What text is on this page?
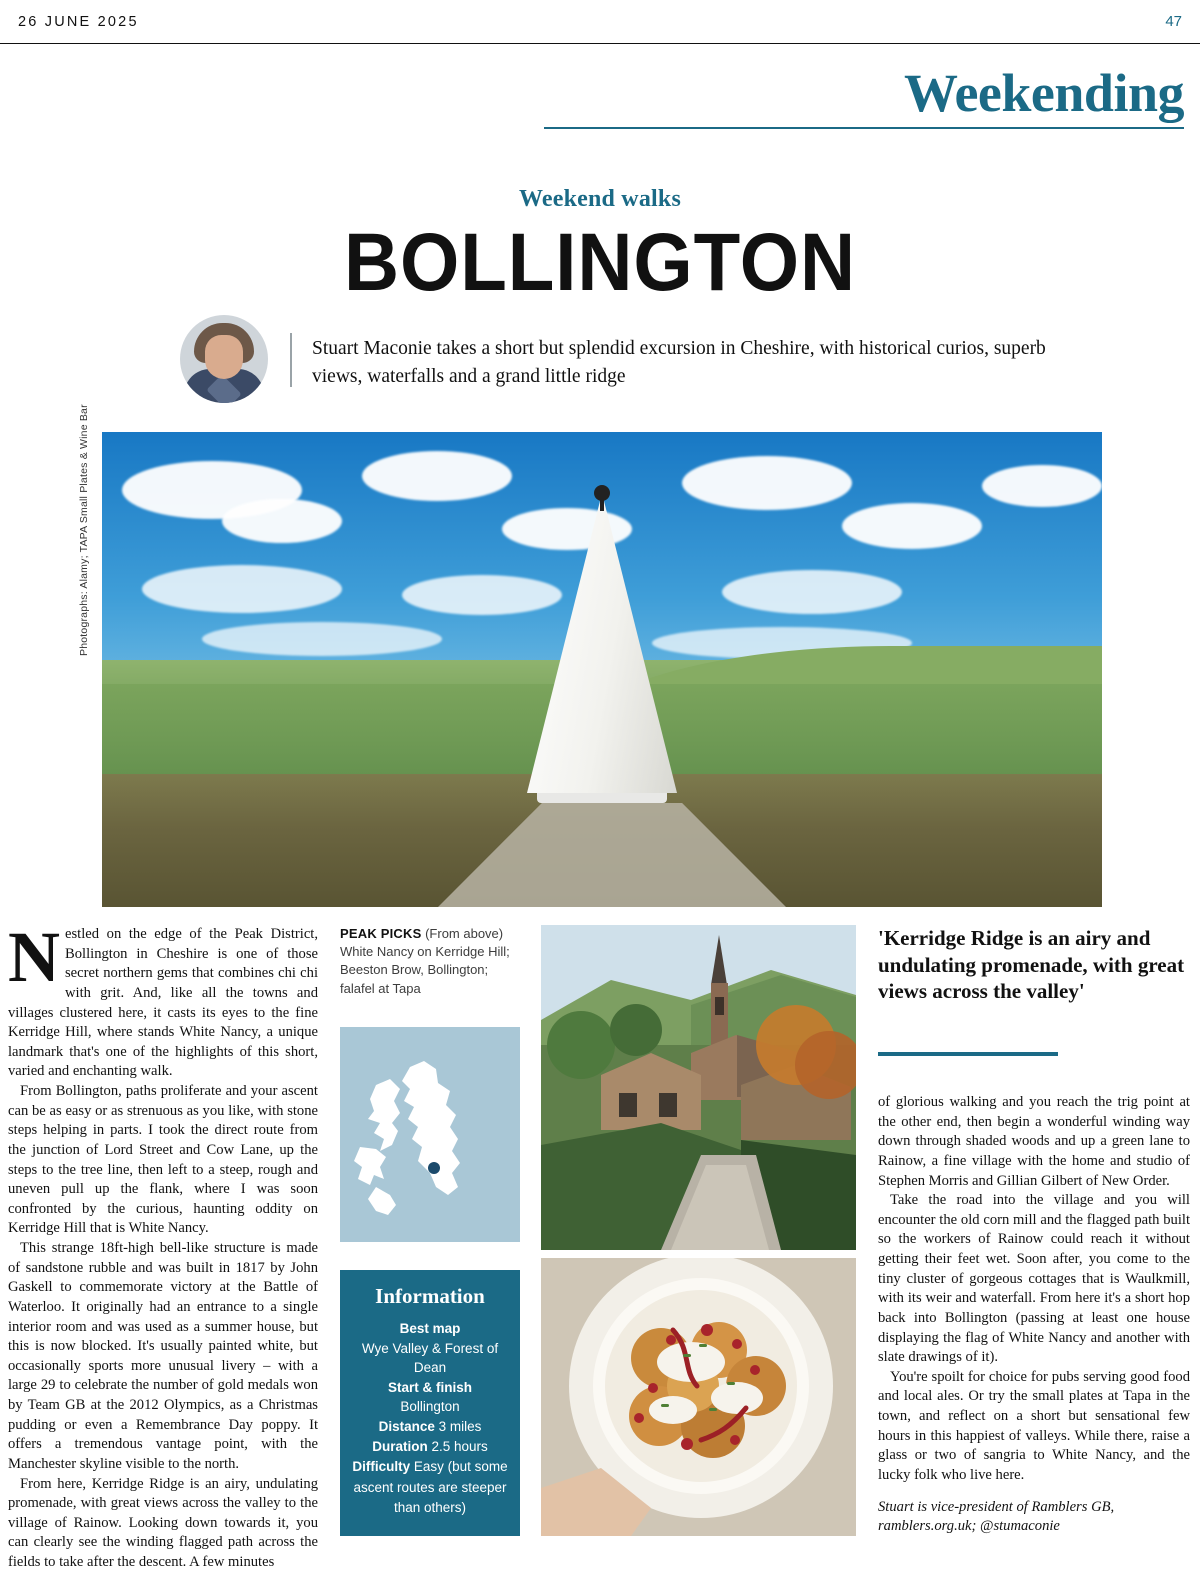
26 JUNE 2025	47
Weekending
Weekend walks
BOLLINGTON
Stuart Maconie takes a short but splendid excursion in Cheshire, with historical curios, superb views, waterfalls and a grand little ridge
Photographs: Alamy; TAPA Small Plates & Wine Bar

Nestled on the edge of the Peak District, Bollington in Cheshire is one of those secret northern gems that combines chi chi with grit. And, like all the towns and villages clustered here, it casts its eyes to the fine Kerridge Hill, where stands White Nancy, a unique landmark that's one of the highlights of this short, varied and enchanting walk.

From Bollington, paths proliferate and your ascent can be as easy or as strenuous as you like, with stone steps helping in parts. I took the direct route from the junction of Lord Street and Cow Lane, up the steps to the tree line, then left to a steep, rough and uneven pull up the flank, where I was soon confronted by the curious, haunting oddity on Kerridge Hill that is White Nancy.

This strange 18ft-high bell-like structure is made of sandstone rubble and was built in 1817 by John Gaskell to commemorate victory at the Battle of Waterloo. It originally had an entrance to a single interior room and was used as a summer house, but this is now blocked. It's usually painted white, but occasionally sports more unusual livery – with a large 29 to celebrate the number of gold medals won by Team GB at the 2012 Olympics, as a Christmas pudding or even a Remembrance Day poppy. It offers a tremendous vantage point, with the Manchester skyline visible to the north.

From here, Kerridge Ridge is an airy, undulating promenade, with great views across the valley to the village of Rainow. Looking down towards it, you can clearly see the winding flagged path across the fields to take after the descent. A few minutes

PEAK PICKS (From above) White Nancy on Kerridge Hill; Beeston Brow, Bollington; falafel at Tapa
Information
Best map
Wye Valley & Forest of Dean
Start & finish
Bollington
Distance 3 miles
Duration 2.5 hours
Difficulty Easy (but some ascent routes are steeper than others)
'Kerridge Ridge is an airy and undulating promenade, with great views across the valley'

of glorious walking and you reach the trig point at the other end, then begin a wonderful winding way down through shaded woods and up a green lane to Rainow, a fine village with the home and studio of Stephen Morris and Gillian Gilbert of New Order.

Take the road into the village and you will encounter the old corn mill and the flagged path built so the workers of Rainow could reach it without getting their feet wet. Soon after, you come to the tiny cluster of gorgeous cottages that is Waulkmill, with its weir and waterfall. From here it's a short hop back into Bollington (passing at least one house displaying the flag of White Nancy and another with slate drawings of it).

You're spoilt for choice for pubs serving good food and local ales. Or try the small plates at Tapa in the town, and reflect on a short but sensational few hours in this happiest of valleys. While there, raise a glass or two of sangria to White Nancy, and the lucky folk who live here.

Stuart is vice-president of Ramblers GB, ramblers.org.uk; @stumaconie
